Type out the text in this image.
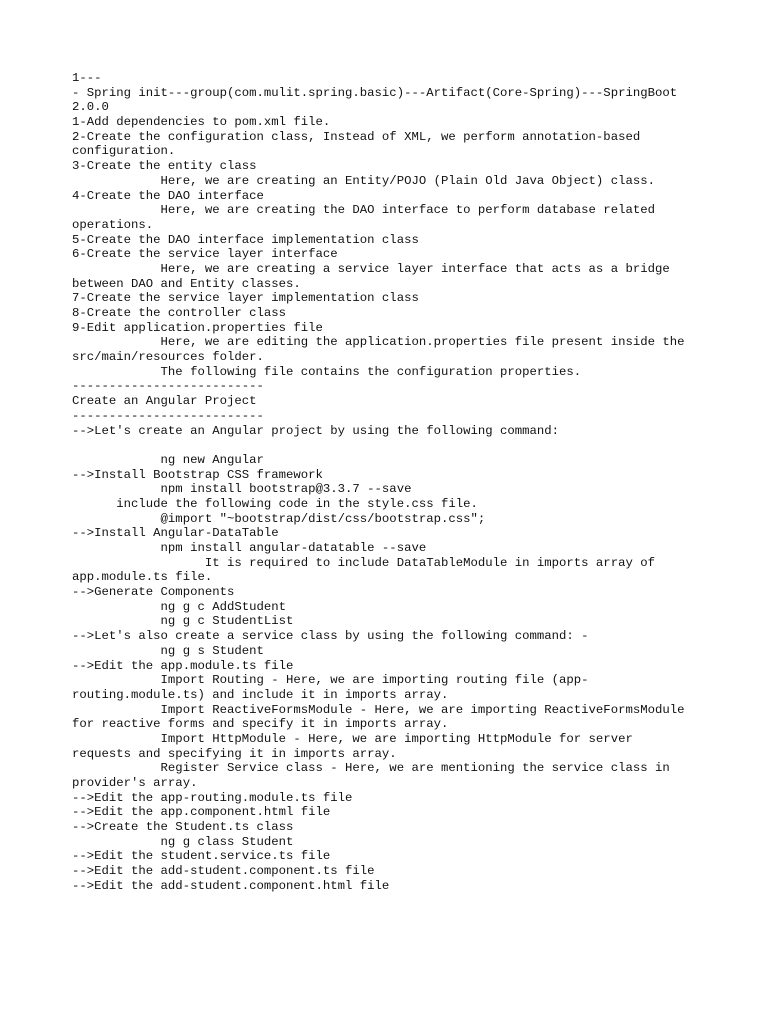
1---
- Spring init---group(com.mulit.spring.basic)---Artifact(Core-Spring)---SpringBoot
2.0.0
1-Add dependencies to pom.xml file.
2-Create the configuration class, Instead of XML, we perform annotation-based
configuration.
3-Create the entity class
Here, we are creating an Entity/POJO (Plain Old Java Object) class.
4-Create the DAO interface
Here, we are creating the DAO interface to perform database related
operations.
5-Create the DAO interface implementation class
6-Create the service layer interface
Here, we are creating a service layer interface that acts as a bridge
between DAO and Entity classes.
7-Create the service layer implementation class
8-Create the controller class
9-Edit application.properties file
Here, we are editing the application.properties file present inside the
src/main/resources folder.
The following file contains the configuration properties.
--------------------------
Create an Angular Project
--------------------------
-->Let's create an Angular project by using the following command:
ng new Angular
-->Install Bootstrap CSS framework
npm install bootstrap@3.3.7 --save
include the following code in the style.css file.
@import "~bootstrap/dist/css/bootstrap.css";
-->Install Angular-DataTable
npm install angular-datatable --save
It is required to include DataTableModule in imports array of
app.module.ts file.
-->Generate Components
ng g c AddStudent
ng g c StudentList
-->Let's also create a service class by using the following command: -
ng g s Student
-->Edit the app.module.ts file
Import Routing - Here, we are importing routing file (app-
routing.module.ts) and include it in imports array.
Import ReactiveFormsModule - Here, we are importing ReactiveFormsModule
for reactive forms and specify it in imports array.
Import HttpModule - Here, we are importing HttpModule for server
requests and specifying it in imports array.
Register Service class - Here, we are mentioning the service class in
provider's array.
-->Edit the app-routing.module.ts file
-->Edit the app.component.html file
-->Create the Student.ts class
ng g class Student
-->Edit the student.service.ts file
-->Edit the add-student.component.ts file
-->Edit the add-student.component.html file
